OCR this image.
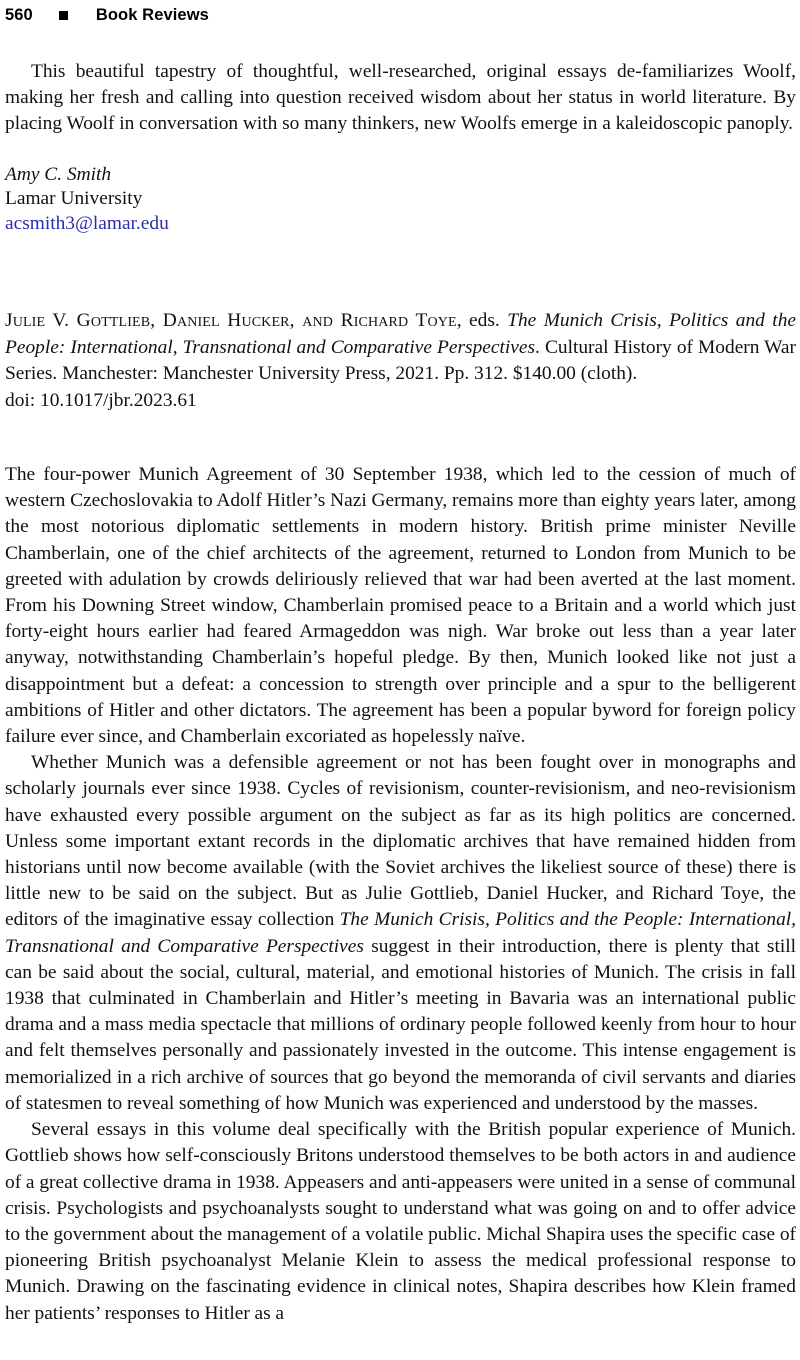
560	Book Reviews

This beautiful tapestry of thoughtful, well-researched, original essays de-familiarizes Woolf, making her fresh and calling into question received wisdom about her status in world literature. By placing Woolf in conversation with so many thinkers, new Woolfs emerge in a kaleidoscopic panoply.

Amy C. Smith
Lamar University
acsmith3@lamar.edu
Julie V. Gottlieb, Daniel Hucker, and Richard Toye, eds. The Munich Crisis, Politics and the People: International, Transnational and Comparative Perspectives. Cultural History of Modern War Series. Manchester: Manchester University Press, 2021. Pp. 312. $140.00 (cloth).
doi: 10.1017/jbr.2023.61

The four-power Munich Agreement of 30 September 1938, which led to the cession of much of western Czechoslovakia to Adolf Hitler’s Nazi Germany, remains more than eighty years later, among the most notorious diplomatic settlements in modern history. British prime minister Neville Chamberlain, one of the chief architects of the agreement, returned to London from Munich to be greeted with adulation by crowds deliriously relieved that war had been averted at the last moment. From his Downing Street window, Chamberlain promised peace to a Britain and a world which just forty-eight hours earlier had feared Armageddon was nigh. War broke out less than a year later anyway, notwithstanding Chamberlain’s hopeful pledge. By then, Munich looked like not just a disappointment but a defeat: a concession to strength over principle and a spur to the belligerent ambitions of Hitler and other dictators. The agreement has been a popular byword for foreign policy failure ever since, and Chamberlain excoriated as hopelessly naïve.

Whether Munich was a defensible agreement or not has been fought over in monographs and scholarly journals ever since 1938. Cycles of revisionism, counter-revisionism, and neo-revisionism have exhausted every possible argument on the subject as far as its high politics are concerned. Unless some important extant records in the diplomatic archives that have remained hidden from historians until now become available (with the Soviet archives the likeliest source of these) there is little new to be said on the subject. But as Julie Gottlieb, Daniel Hucker, and Richard Toye, the editors of the imaginative essay collection The Munich Crisis, Politics and the People: International, Transnational and Comparative Perspectives suggest in their introduction, there is plenty that still can be said about the social, cultural, material, and emotional histories of Munich. The crisis in fall 1938 that culminated in Chamberlain and Hitler’s meeting in Bavaria was an international public drama and a mass media spectacle that millions of ordinary people followed keenly from hour to hour and felt themselves personally and passionately invested in the outcome. This intense engagement is memorialized in a rich archive of sources that go beyond the memoranda of civil servants and diaries of statesmen to reveal something of how Munich was experienced and understood by the masses.

Several essays in this volume deal specifically with the British popular experience of Munich. Gottlieb shows how self-consciously Britons understood themselves to be both actors in and audience of a great collective drama in 1938. Appeasers and anti-appeasers were united in a sense of communal crisis. Psychologists and psychoanalysts sought to understand what was going on and to offer advice to the government about the management of a volatile public. Michal Shapira uses the specific case of pioneering British psychoanalyst Melanie Klein to assess the medical professional response to Munich. Drawing on the fascinating evidence in clinical notes, Shapira describes how Klein framed her patients’ responses to Hitler as a
